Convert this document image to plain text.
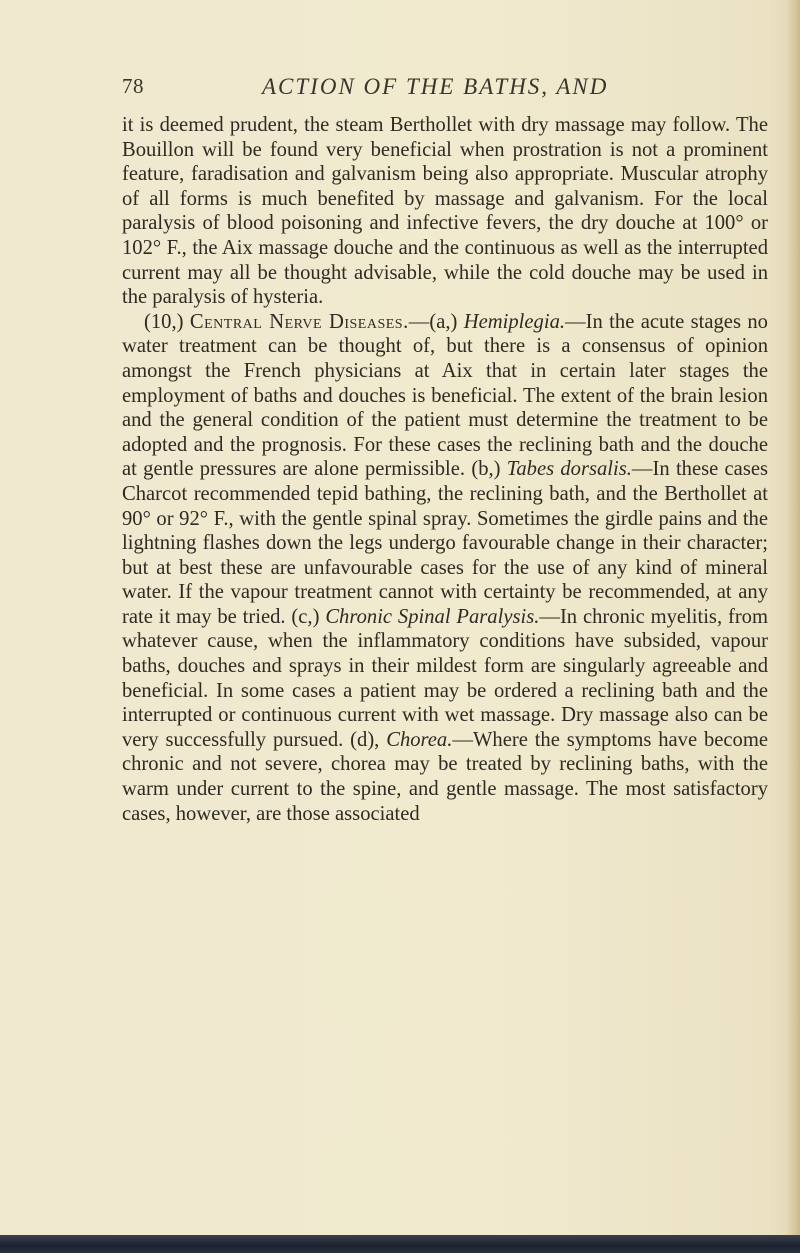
78	ACTION OF THE BATHS, AND

it is deemed prudent, the steam Berthollet with dry massage may follow. The Bouillon will be found very beneficial when prostration is not a prominent feature, faradisation and galvanism being also appropriate. Muscular atrophy of all forms is much benefited by massage and galvanism. For the local paralysis of blood poisoning and infective fevers, the dry douche at 100° or 102° F., the Aix massage douche and the continuous as well as the interrupted current may all be thought advisable, while the cold douche may be used in the paralysis of hysteria.

(10,) Central Nerve Diseases.—(a,) Hemiplegia.—In the acute stages no water treatment can be thought of, but there is a consensus of opinion amongst the French physicians at Aix that in certain later stages the employment of baths and douches is beneficial. The extent of the brain lesion and the general condition of the patient must determine the treatment to be adopted and the prognosis. For these cases the reclining bath and the douche at gentle pressures are alone permissible. (b,) Tabes dorsalis.—In these cases Charcot recommended tepid bathing, the reclining bath, and the Berthollet at 90° or 92° F., with the gentle spinal spray. Sometimes the girdle pains and the lightning flashes down the legs undergo favourable change in their character; but at best these are unfavourable cases for the use of any kind of mineral water. If the vapour treatment cannot with certainty be recommended, at any rate it may be tried. (c,) Chronic Spinal Paralysis.—In chronic myelitis, from whatever cause, when the inflammatory conditions have subsided, vapour baths, douches and sprays in their mildest form are singularly agreeable and beneficial. In some cases a patient may be ordered a reclining bath and the interrupted or continuous current with wet massage. Dry massage also can be very successfully pursued. (d), Chorea.—Where the symptoms have become chronic and not severe, chorea may be treated by reclining baths, with the warm under current to the spine, and gentle massage. The most satisfactory cases, however, are those associated
